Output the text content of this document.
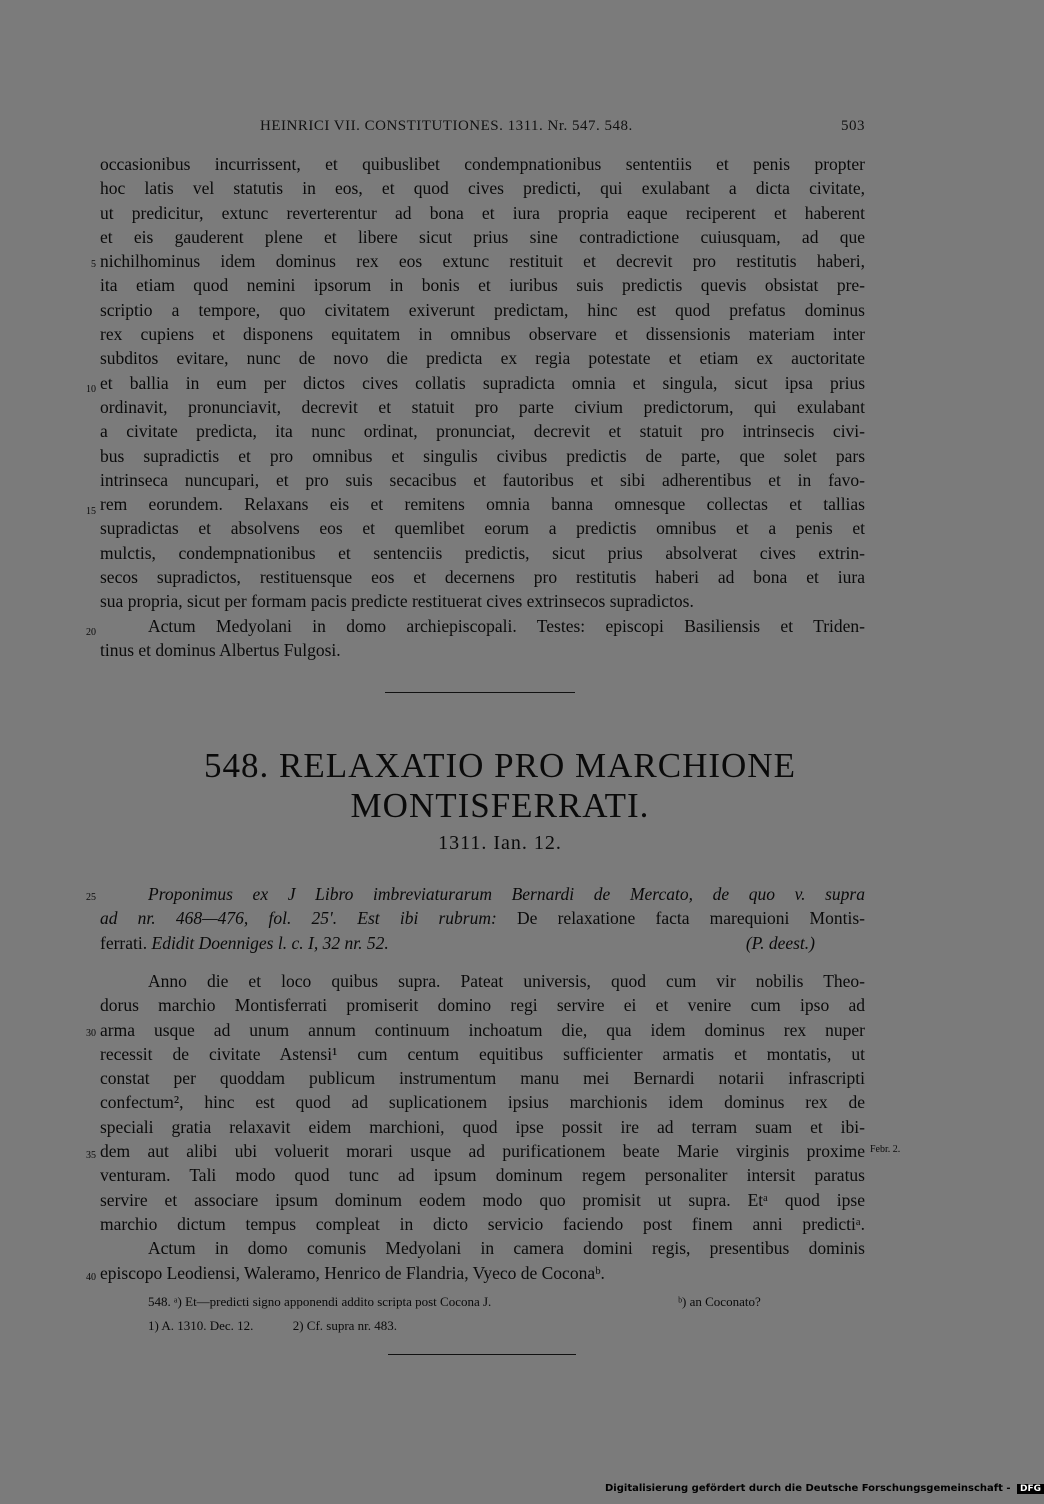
HEINRICI VII. CONSTITUTIONES. 1311. Nr. 547. 548.	503
occasionibus incurrissent, et quibuslibet condempnationibus sententiis et penis propter
hoc latis vel statutis in eos, et quod cives predicti, qui exulabant a dicta civitate,
ut predicitur, extunc reverterentur ad bona et iura propria eaque reciperent et haberent
et eis gauderent plene et libere sicut prius sine contradictione cuiusquam, ad que
5 nichilhominus idem dominus rex eos extunc restituit et decrevit pro restitutis haberi,
ita etiam quod nemini ipsorum in bonis et iuribus suis predictis quevis obsistat pre-
scriptio a tempore, quo civitatem exiverunt predictam, hinc est quod prefatus dominus
rex cupiens et disponens equitatem in omnibus observare et dissensionis materiam inter
subditos evitare, nunc de novo die predicta ex regia potestate et etiam ex auctoritate
10 et ballia in eum per dictos cives collatis supradicta omnia et singula, sicut ipsa prius
ordinavit, pronunciavit, decrevit et statuit pro parte civium predictorum, qui exulabant
a civitate predicta, ita nunc ordinat, pronunciat, decrevit et statuit pro intrinsecis civi-
bus supradictis et pro omnibus et singulis civibus predictis de parte, que solet pars
intrinseca nuncupari, et pro suis secacibus et fautoribus et sibi adherentibus et in favo-
15 rem eorundem. Relaxans eis et remitens omnia banna omnesque collectas et tallias
supradictas et absolvens eos et quemlibet eorum a predictis omnibus et a penis et
mulctis, condempnationibus et sentenciis predictis, sicut prius absolverat cives extrin-
secos supradictos, restituensque eos et decernens pro restitutis haberi ad bona et iura
sua propria, sicut per formam pacis predicte restituerat cives extrinsecos supradictos.
20	Actum Medyolani in domo archiepiscopali. Testes: episcopi Basiliensis et Triden-
tinus et dominus Albertus Fulgosi.
548. RELAXATIO PRO MARCHIONE
MONTISFERRATI.
1311. Ian. 12.
25	Proponimus ex J Libro imbreviaturarum Bernardi de Mercato, de quo v. supra
ad nr. 468—476, fol. 25'. Est ibi rubrum: De relaxatione facta marequioni Montis-
ferrati. Edidit Doenniges l. c. I, 32 nr. 52.	(P. deest.)
Anno die et loco quibus supra. Pateat universis, quod cum vir nobilis Theo-
dorus marchio Montisferrati promiserit domino regi servire ei et venire cum ipso ad
30 arma usque ad unum annum continuum inchoatum die, qua idem dominus rex nuper
recessit de civitate Astensi¹ cum centum equitibus sufficienter armatis et montatis, ut
constat per quoddam publicum instrumentum manu mei Bernardi notarii infrascripti
confectum², hinc est quod ad suplicationem ipsius marchionis idem dominus rex de
speciali gratia relaxavit eidem marchioni, quod ipse possit ire ad terram suam et ibi-
35 dem aut alibi ubi voluerit morari usque ad purificationem beate Marie virginis proxime
venturam. Tali modo quod tunc ad ipsum dominum regem personaliter intersit paratus
servire et associare ipsum dominum eodem modo quo promisit ut supra. Etᵃ quod ipse
marchio dictum tempus compleat in dicto servicio faciendo post finem anni predictiᵃ.
Actum in domo comunis Medyolani in camera domini regis, presentibus dominis
40 episcopo Leodiensi, Waleramo, Henrico de Flandria, Vyeco de Coconaᵇ.
Febr. 2.
548. ᵃ) Et—predicti signo apponendi addito scripta post Cocona J.	ᵇ) an Coconato?
1) A. 1310. Dec. 12.	2) Cf. supra nr. 483.
Digitalisierung gefördert durch die Deutsche Forschungsgemeinschaft - DFG
